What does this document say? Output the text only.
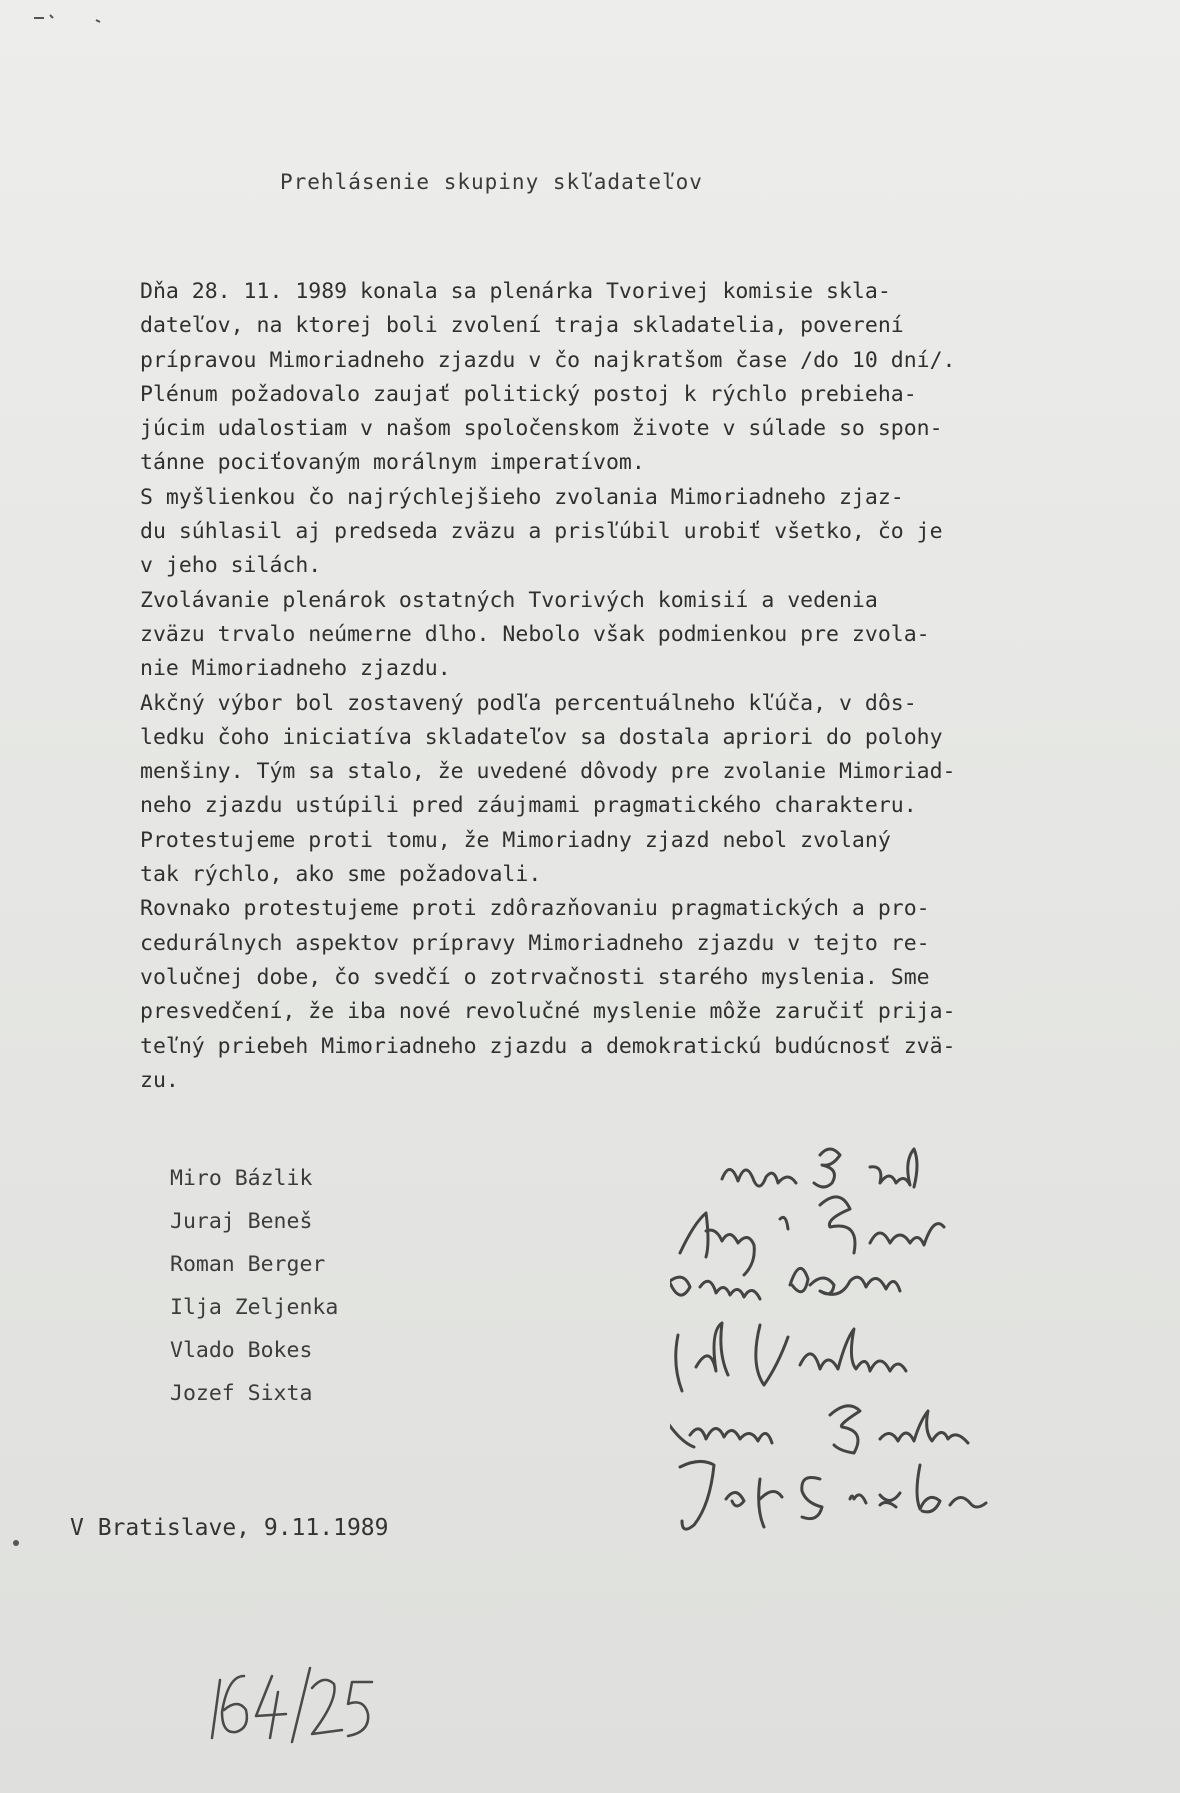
Prehlásenie skupiny skľadateľov
Dňa 28. 11. 1989 konala sa plenárka Tvorivej komisie skla-
dateľov, na ktorej boli zvolení traja skladatelia, poverení
prípravou Mimoriadneho zjazdu v čo najkratšom čase /do 10 dní/.
Plénum požadovalo zaujať politický postoj k rýchlo prebieha-
júcim udalostiam v našom spoločenskom živote v súlade so spon-
tánne pociťovaným morálnym imperatívom.
S myšlienkou čo najrýchlejšieho zvolania Mimoriadneho zjaz-
du súhlasil aj predseda zväzu a prisľúbil urobiť všetko, čo je
v jeho silách.
Zvolávanie plenárok ostatných Tvorivých komisií a vedenia
zväzu trvalo neúmerne dlho. Nebolo však podmienkou pre zvola-
nie Mimoriadneho zjazdu.
Akčný výbor bol zostavený podľa percentuálneho kľúča, v dôs-
ledku čoho iniciatíva skladateľov sa dostala apriori do polohy
menšiny. Tým sa stalo, že uvedené dôvody pre zvolanie Mimoriad-
neho zjazdu ustúpili pred záujmami pragmatického charakteru.
Protestujeme proti tomu, že Mimoriadny zjazd nebol zvolaný
tak rýchlo, ako sme požadovali.
Rovnako protestujeme proti zdôrazňovaniu pragmatických a pro-
cedurálnych aspektov prípravy Mimoriadneho zjazdu v tejto re-
volučnej dobe, čo svedčí o zotrvačnosti starého myslenia. Sme
presvedčení, že iba nové revolučné myslenie môže zaručiť prija-
teľný priebeh Mimoriadneho zjazdu a demokratickú budúcnosť zvä-
zu.
Miro Bázlik
Juraj Beneš
Roman Berger
Ilja Zeljenka
Vlado Bokes
Jozef Sixta
V Bratislave, 9.11.1989
